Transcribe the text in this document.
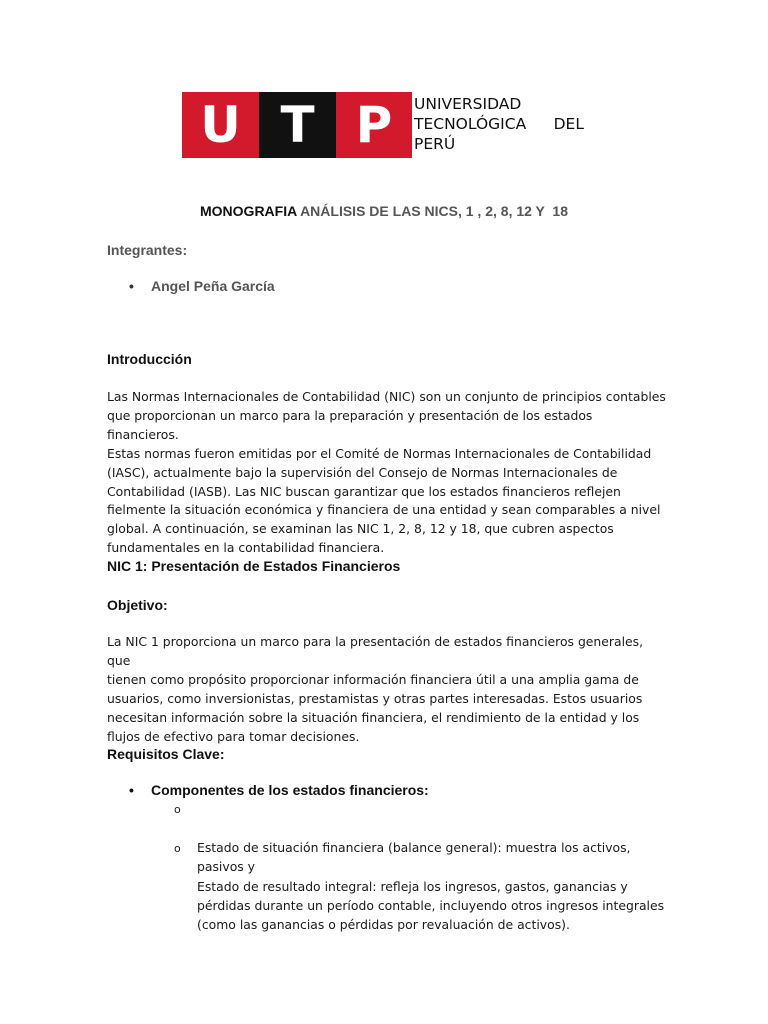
U T P	UNIVERSIDAD
TECNOLÓGICA DEL
PERÚ
MONOGRAFIA ANÁLISIS DE LAS NICS, 1 , 2, 8, 12 Y  18
Integrantes:
• Angel Peña García
Introducción
Las Normas Internacionales de Contabilidad (NIC) son un conjunto de principios contables
que proporcionan un marco para la preparación y presentación de los estados financieros.
Estas normas fueron emitidas por el Comité de Normas Internacionales de Contabilidad
(IASC), actualmente bajo la supervisión del Consejo de Normas Internacionales de
Contabilidad (IASB). Las NIC buscan garantizar que los estados financieros reflejen
fielmente la situación económica y financiera de una entidad y sean comparables a nivel
global. A continuación, se examinan las NIC 1, 2, 8, 12 y 18, que cubren aspectos
fundamentales en la contabilidad financiera.
NIC 1: Presentación de Estados Financieros
Objetivo:
La NIC 1 proporciona un marco para la presentación de estados financieros generales, que
tienen como propósito proporcionar información financiera útil a una amplia gama de
usuarios, como inversionistas, prestamistas y otras partes interesadas. Estos usuarios
necesitan información sobre la situación financiera, el rendimiento de la entidad y los
flujos de efectivo para tomar decisiones.
Requisitos Clave:
• Componentes de los estados financieros:

o

Estado de situación financiera (balance general): muestra los activos,
pasivos y

o

Estado de resultado integral: refleja los ingresos, gastos, ganancias y
pérdidas durante un período contable, incluyendo otros ingresos integrales
(como las ganancias o pérdidas por revaluación de activos).
